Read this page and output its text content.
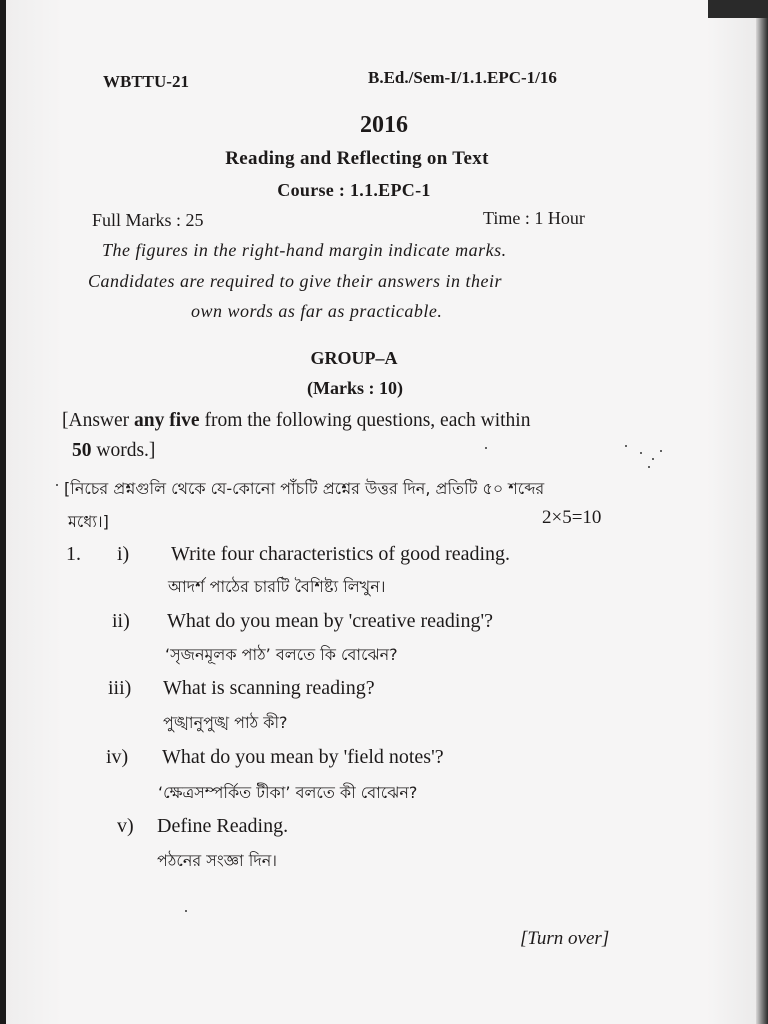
WBTTU-21	B.Ed./Sem-I/1.1.EPC-1/16
2016
Reading and Reflecting on Text
Course : 1.1.EPC-1
Full Marks : 25	Time : 1 Hour
The figures in the right-hand margin indicate marks.
Candidates are required to give their answers in their
own words as far as practicable.
GROUP–A
(Marks : 10)
[Answer any five from the following questions, each within
50 words.]
[নিচের প্রশ্নগুলি থেকে যে-কোনো পাঁচটি প্রশ্নের উত্তর দিন, প্রতিটি ৫০ শব্দের
মধ্যে।]	2×5=10
1. i) Write four characteristics of good reading.
আদর্শ পাঠের চারটি বৈশিষ্ট্য লিখুন।
ii) What do you mean by 'creative reading'?
‘সৃজনমূলক পাঠ’ বলতে কি বোঝেন?
iii) What is scanning reading?
পুঙ্খানুপুঙ্খ পাঠ কী?
iv) What do you mean by 'field notes'?
‘ক্ষেত্রসম্পর্কিত টীকা’ বলতে কী বোঝেন?
v) Define Reading.
পঠনের সংজ্ঞা দিন।
[Turn over]
